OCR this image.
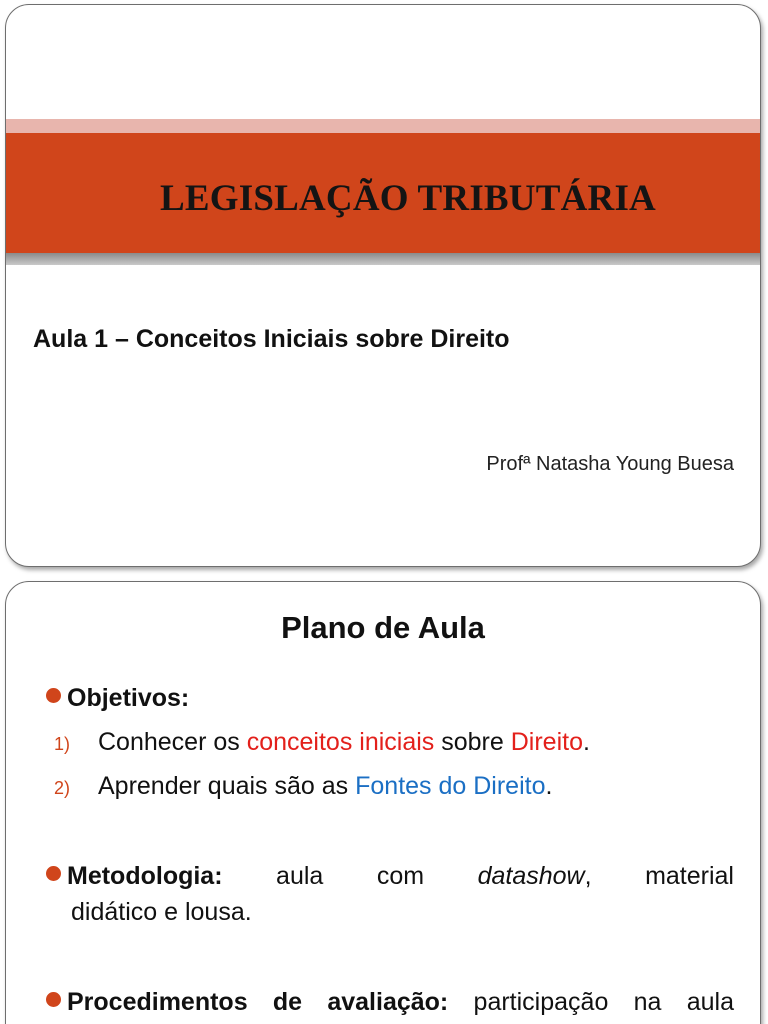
LEGISLAÇÃO TRIBUTÁRIA
Aula 1 – Conceitos Iniciais sobre Direito
Profª Natasha Young Buesa
Plano de Aula
Objetivos:
1) Conhecer os conceitos iniciais sobre Direito.
2) Aprender quais são as Fontes do Direito.
Metodologia: aula com datashow, material
didático e lousa.
Procedimentos de avaliação: participação na aula
